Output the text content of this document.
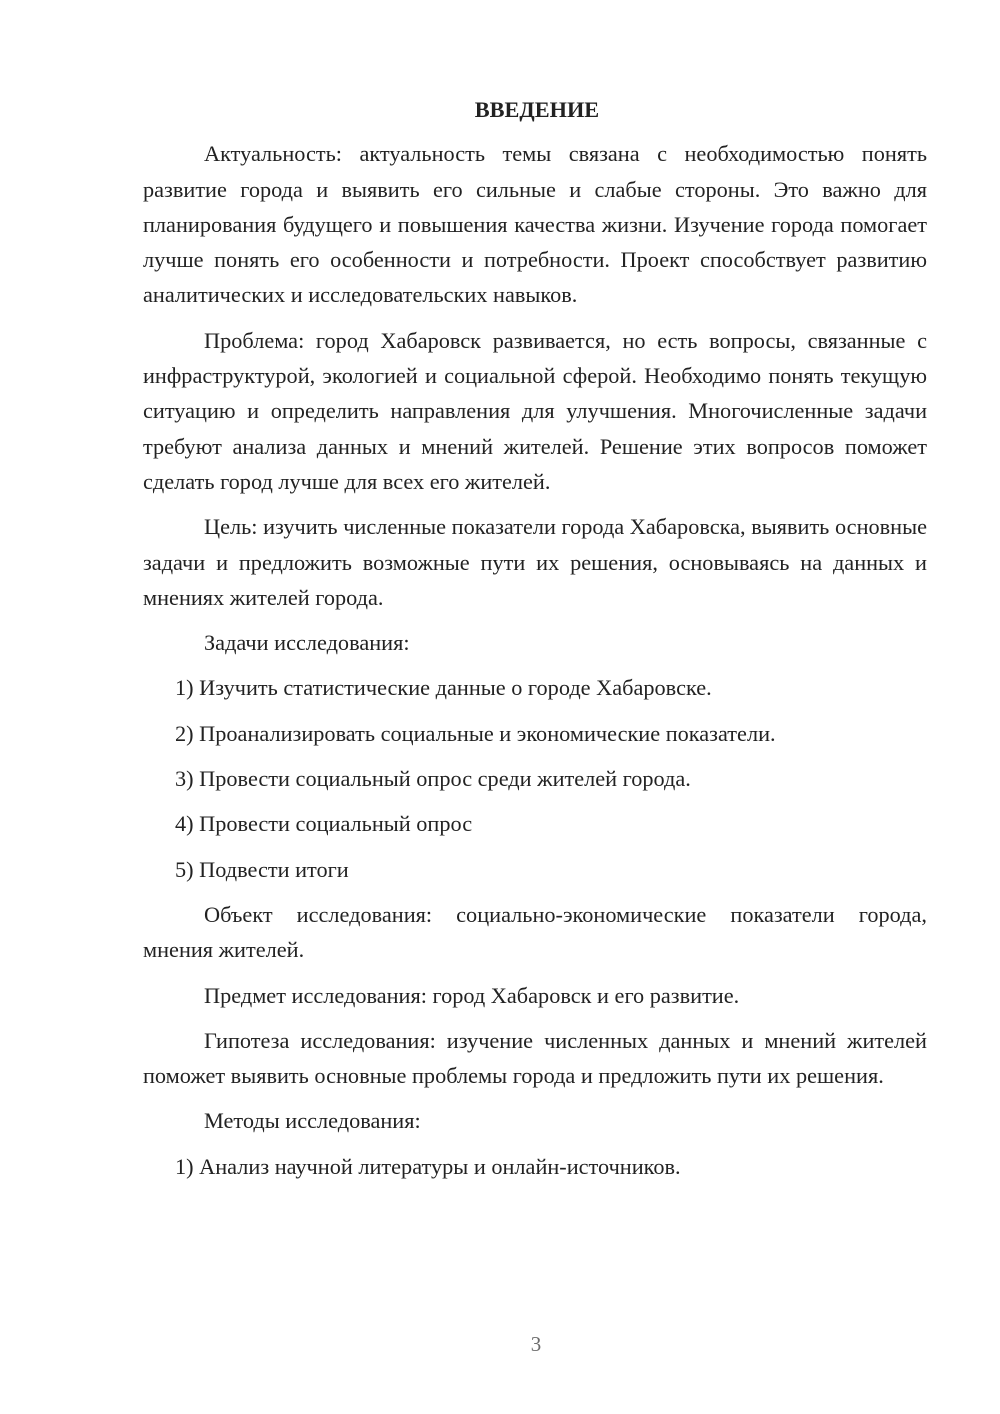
ВВЕДЕНИЕ

Актуальность: актуальность темы связана с необходимостью понять развитие города и выявить его сильные и слабые стороны. Это важно для планирования будущего и повышения качества жизни. Изучение города помогает лучше понять его особенности и потребности. Проект способствует развитию аналитических и исследовательских навыков.

Проблема: город Хабаровск развивается, но есть вопросы, связанные с инфраструктурой, экологией и социальной сферой. Необходимо понять текущую ситуацию и определить направления для улучшения. Многочисленные задачи требуют анализа данных и мнений жителей. Решение этих вопросов поможет сделать город лучше для всех его жителей.

Цель: изучить численные показатели города Хабаровска, выявить основные задачи и предложить возможные пути их решения, основываясь на данных и мнениях жителей города.

Задачи исследования:

1) Изучить статистические данные о городе Хабаровске.

2) Проанализировать социальные и экономические показатели.

3) Провести социальный опрос среди жителей города.

4) Провести социальный опрос

5) Подвести итоги

Объект исследования: социально-экономические показатели города, мнения жителей.

Предмет исследования: город Хабаровск и его развитие.

Гипотеза исследования: изучение численных данных и мнений жителей поможет выявить основные проблемы города и предложить пути их решения.

Методы исследования:

1) Анализ научной литературы и онлайн-источников.

3
